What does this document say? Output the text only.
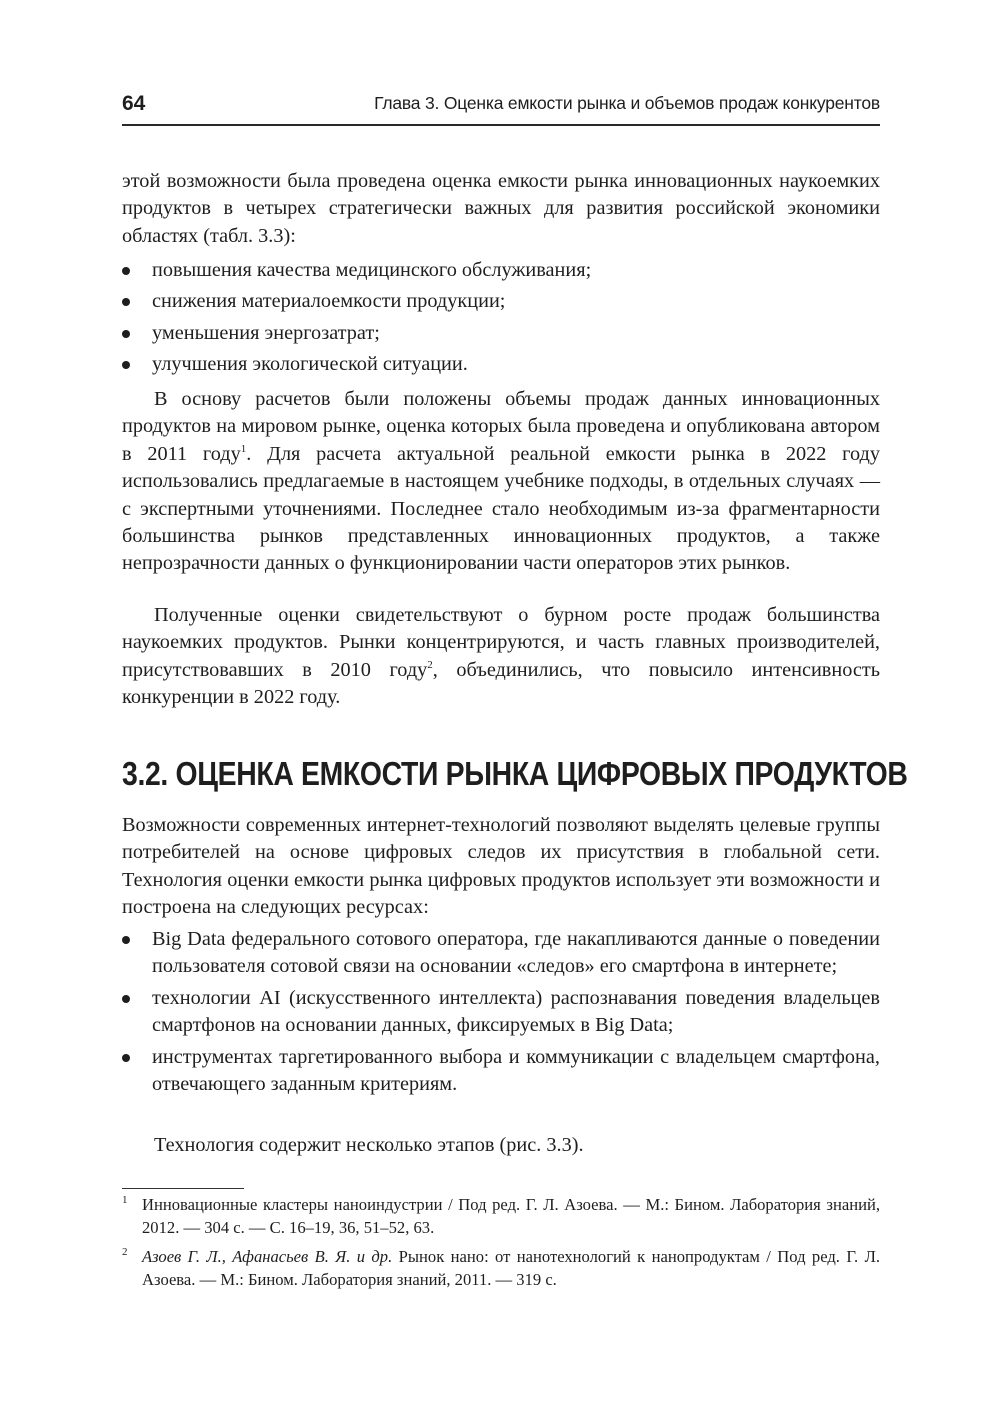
64	Глава 3. Оценка емкости рынка и объемов продаж конкурентов

этой возможности была проведена оценка емкости рынка инновационных наукоемких продуктов в четырех стратегически важных для развития российской экономики областях (табл. 3.3):

повышения качества медицинского обслуживания;
снижения материалоемкости продукции;
уменьшения энергозатрат;
улучшения экологической ситуации.

В основу расчетов были положены объемы продаж данных инновационных продуктов на мировом рынке, оценка которых была проведена и опубликована автором в 2011 году$^1$. Для расчета актуальной реальной емкости рынка в 2022 году использовались предлагаемые в настоящем учебнике подходы, в отдельных случаях — с экспертными уточнениями. Последнее стало необходимым из-за фрагментарности большинства рынков представленных инновационных продуктов, а также непрозрачности данных о функционировании части операторов этих рынков.

Полученные оценки свидетельствуют о бурном росте продаж большинства наукоемких продуктов. Рынки концентрируются, и часть главных производителей, присутствовавших в 2010 году$^2$, объединились, что повысило интенсивность конкуренции в 2022 году.

3.2. ОЦЕНКА ЕМКОСТИ РЫНКА ЦИФРОВЫХ ПРОДУКТОВ

Возможности современных интернет-технологий позволяют выделять целевые группы потребителей на основе цифровых следов их присутствия в глобальной сети. Технология оценки емкости рынка цифровых продуктов использует эти возможности и построена на следующих ресурсах:

Big Data федерального сотового оператора, где накапливаются данные о поведении пользователя сотовой связи на основании «следов» его смартфона в интернете;
технологии AI (искусственного интеллекта) распознавания поведения владельцев смартфонов на основании данных, фиксируемых в Big Data;
инструментах таргетированного выбора и коммуникации с владельцем смартфона, отвечающего заданным критериям.

Технология содержит несколько этапов (рис. 3.3).

1 Инновационные кластеры наноиндустрии / Под ред. Г. Л. Азоева. — М.: Бином. Лаборатория знаний, 2012. — 304 с. — С. 16–19, 36, 51–52, 63.
2 Азоев Г. Л., Афанасьев В. Я. и др. Рынок нано: от нанотехнологий к нанопродуктам / Под ред. Г. Л. Азоева. — М.: Бином. Лаборатория знаний, 2011. — 319 с.
